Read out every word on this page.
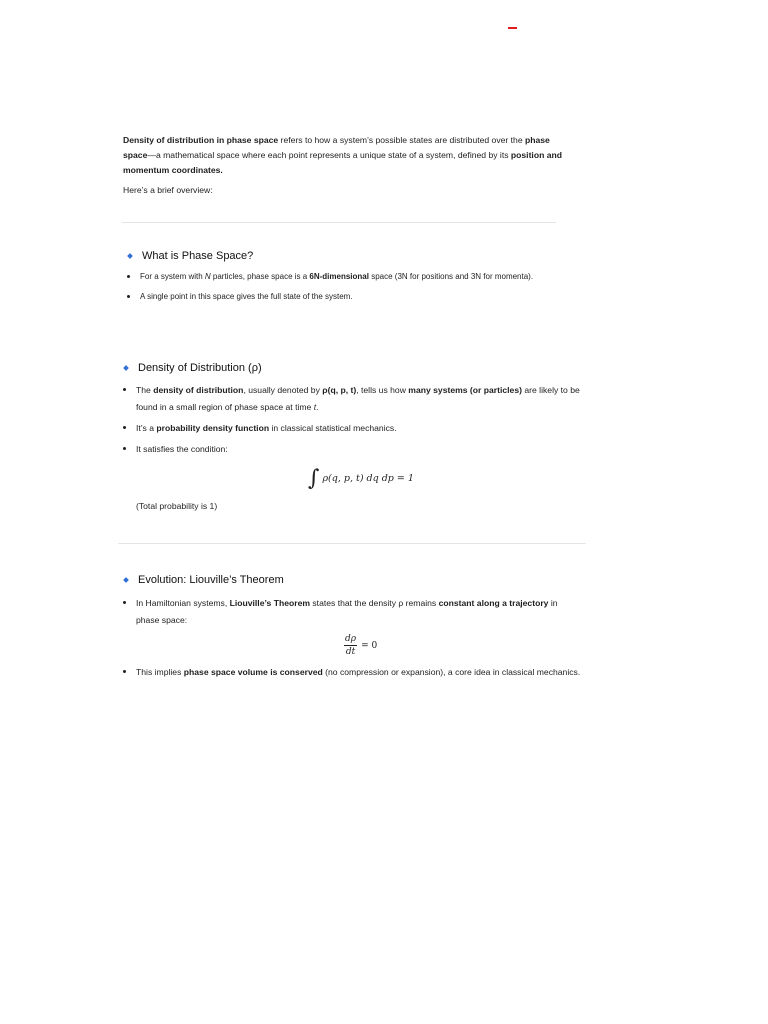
Density of distribution in phase space refers to how a system’s possible states are distributed over the phase space—a mathematical space where each point represents a unique state of a system, defined by its position and momentum coordinates.

Here’s a brief overview:

What is Phase Space?
For a system with N particles, phase space is a 6N-dimensional space (3N for positions and 3N for momenta).
A single point in this space gives the full state of the system.
Density of Distribution (ρ)
The density of distribution, usually denoted by ρ(q, p, t), tells us how many systems (or particles) are likely to be found in a small region of phase space at time t.
It’s a probability density function in classical statistical mechanics.
It satisfies the condition:
∫ ρ(q, p, t) dq dp = 1
(Total probability is 1)
Evolution: Liouville’s Theorem
In Hamiltonian systems, Liouville’s Theorem states that the density ρ remains constant along a trajectory in phase space:
$\frac{d\rho}{dt} = 0$
This implies phase space volume is conserved (no compression or expansion), a core idea in classical mechanics.
